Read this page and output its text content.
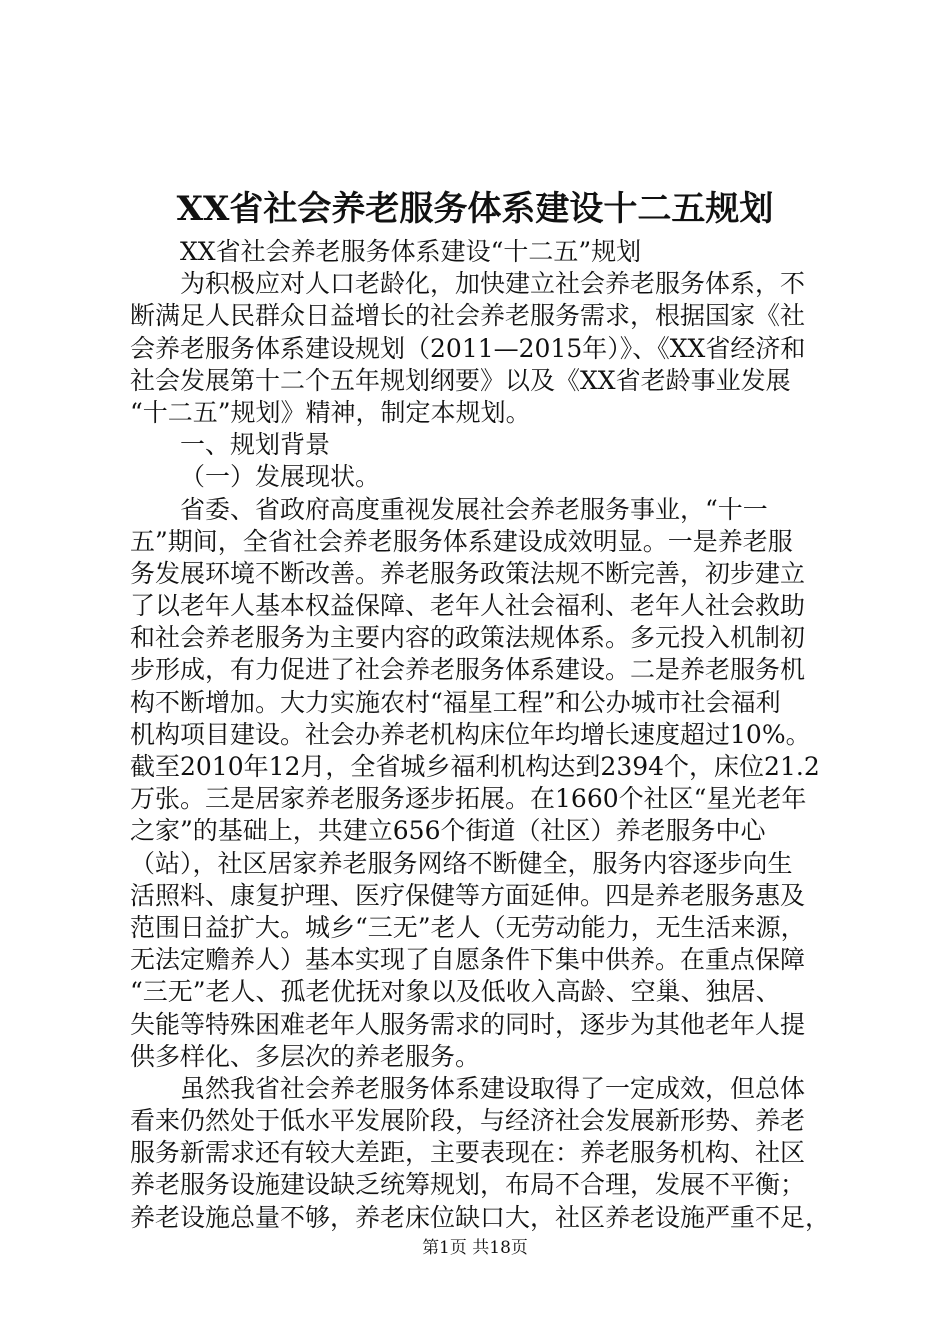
XX省社会养老服务体系建设十二五规划
XX省社会养老服务体系建设“十二五”规划
为积极应对人口老龄化，加快建立社会养老服务体系，不
断满足人民群众日益增长的社会养老服务需求，根据国家《社
会养老服务体系建设规划（2011—2015年）》、《XX省经济和
社会发展第十二个五年规划纲要》以及《XX省老龄事业发展
“十二五”规划》精神，制定本规划。
一、规划背景
（一）发展现状。
省委、省政府高度重视发展社会养老服务事业，“十一
五”期间，全省社会养老服务体系建设成效明显。一是养老服
务发展环境不断改善。养老服务政策法规不断完善，初步建立
了以老年人基本权益保障、老年人社会福利、老年人社会救助
和社会养老服务为主要内容的政策法规体系。多元投入机制初
步形成，有力促进了社会养老服务体系建设。二是养老服务机
构不断增加。大力实施农村“福星工程”和公办城市社会福利
机构项目建设。社会办养老机构床位年均增长速度超过10%。
截至2010年12月，全省城乡福利机构达到2394个，床位21.2
万张。三是居家养老服务逐步拓展。在1660个社区“星光老年
之家”的基础上，共建立656个街道（社区）养老服务中心
（站），社区居家养老服务网络不断健全，服务内容逐步向生
活照料、康复护理、医疗保健等方面延伸。四是养老服务惠及
范围日益扩大。城乡“三无”老人（无劳动能力，无生活来源，
无法定赡养人）基本实现了自愿条件下集中供养。在重点保障
“三无”老人、孤老优抚对象以及低收入高龄、空巢、独居、
失能等特殊困难老年人服务需求的同时，逐步为其他老年人提
供多样化、多层次的养老服务。
虽然我省社会养老服务体系建设取得了一定成效，但总体
看来仍然处于低水平发展阶段，与经济社会发展新形势、养老
服务新需求还有较大差距，主要表现在：养老服务机构、社区
养老服务设施建设缺乏统筹规划，布局不合理，发展不平衡；
养老设施总量不够，养老床位缺口大，社区养老设施严重不足，
第1页 共18页
